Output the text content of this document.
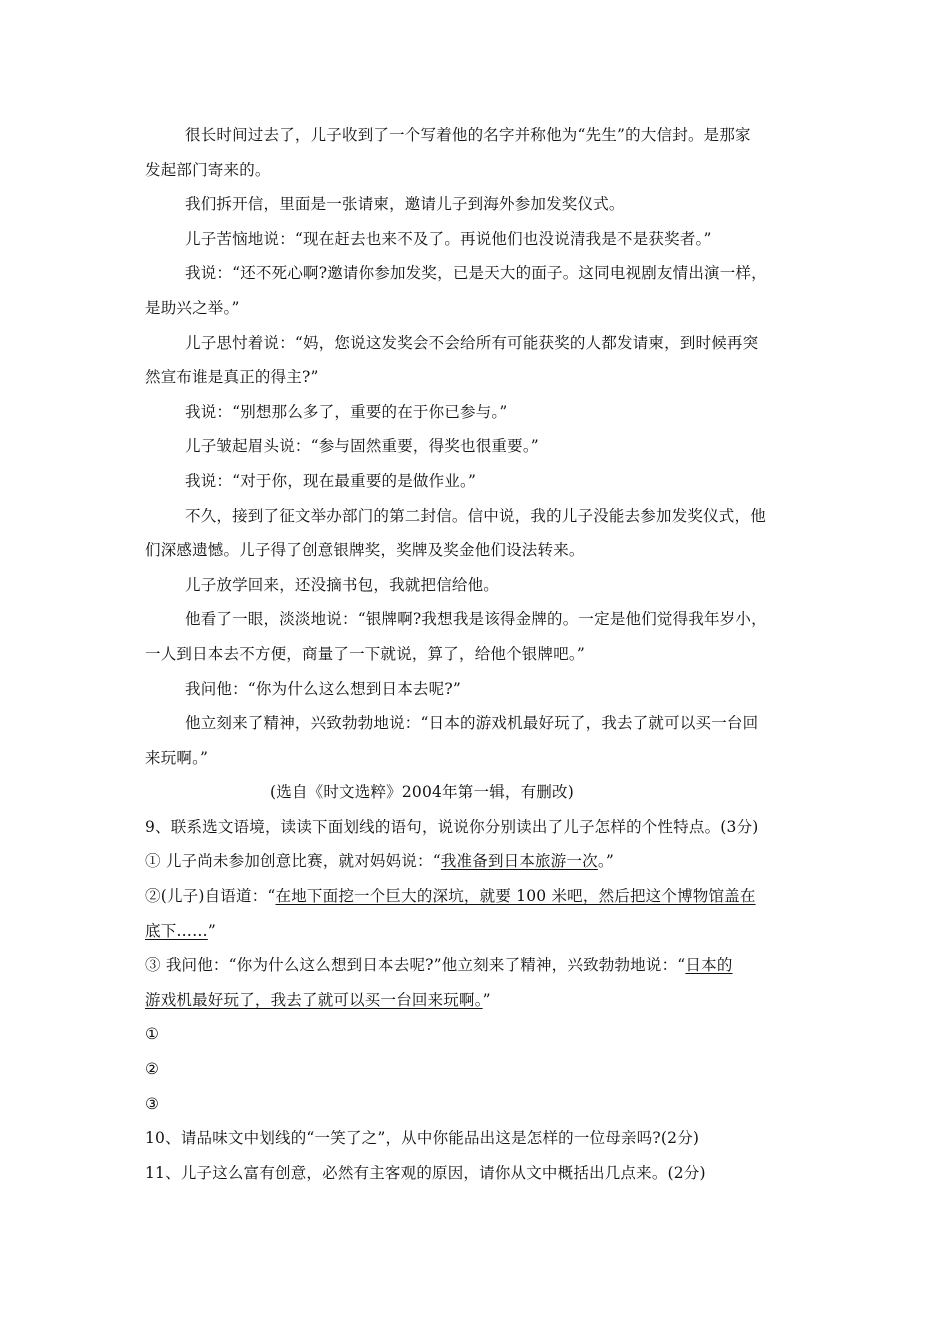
很长时间过去了，儿子收到了一个写着他的名字并称他为“先生”的大信封。是那家
发起部门寄来的。
我们拆开信，里面是一张请柬，邀请儿子到海外参加发奖仪式。
儿子苦恼地说：“现在赶去也来不及了。再说他们也没说清我是不是获奖者。”
我说：“还不死心啊?邀请你参加发奖，已是天大的面子。这同电视剧友情出演一样，
是助兴之举。”
儿子思忖着说：“妈，您说这发奖会不会给所有可能获奖的人都发请柬，到时候再突
然宣布谁是真正的得主?”
我说：“别想那么多了，重要的在于你已参与。”
儿子皱起眉头说：“参与固然重要，得奖也很重要。”
我说：“对于你，现在最重要的是做作业。”
不久，接到了征文举办部门的第二封信。信中说，我的儿子没能去参加发奖仪式，他
们深感遗憾。儿子得了创意银牌奖，奖牌及奖金他们设法转来。
儿子放学回来，还没摘书包，我就把信给他。
他看了一眼，淡淡地说：“银牌啊?我想我是该得金牌的。一定是他们觉得我年岁小，
一人到日本去不方便，商量了一下就说，算了，给他个银牌吧。”
我问他：“你为什么这么想到日本去呢?”
他立刻来了精神，兴致勃勃地说：“日本的游戏机最好玩了，我去了就可以买一台回
来玩啊。”
(选自《时文选粹》2004年第一辑，有删改)
9、联系选文语境，读读下面划线的语句，说说你分别读出了儿子怎样的个性特点。(3分)
① 儿子尚未参加创意比赛，就对妈妈说：“我准备到日本旅游一次。”
②(儿子)自语道：“在地下面挖一个巨大的深坑，就要 100 米吧，然后把这个博物馆盖在
底下……”
③ 我问他：“你为什么这么想到日本去呢?”他立刻来了精神，兴致勃勃地说：“日本的
游戏机最好玩了，我去了就可以买一台回来玩啊。”
①
②
③
10、请品味文中划线的“一笑了之”，从中你能品出这是怎样的一位母亲吗?(2分)
11、儿子这么富有创意，必然有主客观的原因，请你从文中概括出几点来。(2分)
